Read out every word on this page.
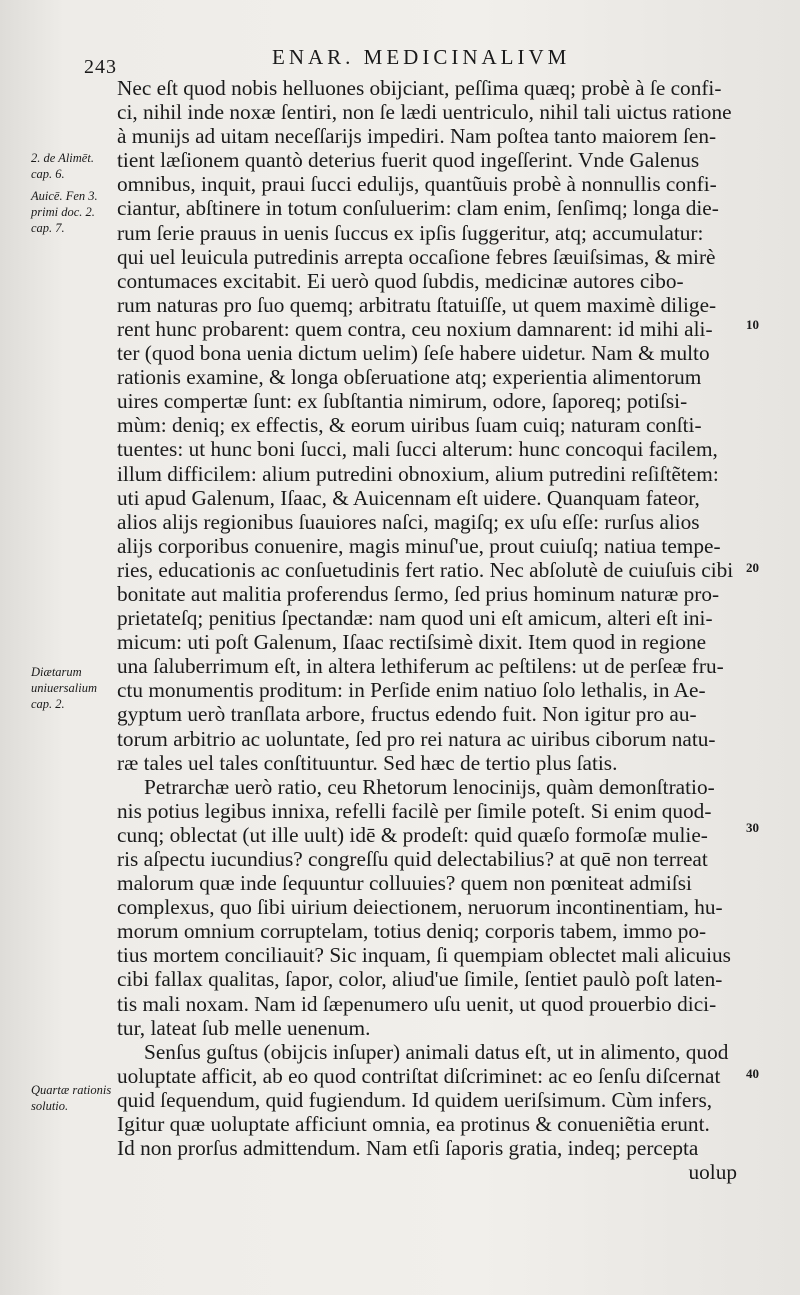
243	ENAR. MEDICINALIVM
2. de Alimēt. cap. 6.
Auicē. Fen 3. primi doc. 2. cap. 7.
Diætarum uniuersalium cap. 2.
Quartæ rationis solutio.
10
20
30
40
Nec eſt quod nobis helluones obijciant, peſſima quæq; probè à ſe confi-
ci, nihil inde noxæ ſentiri, non ſe lædi uentriculo, nihil tali uictus ratione
à munijs ad uitam neceſſarijs impediri. Nam poſtea tanto maiorem ſen-
tient læſionem quantò deterius fuerit quod ingeſſerint. Vnde Galenus
omnibus, inquit, praui ſucci edulijs, quantũuis probè à nonnullis confi-
ciantur, abſtinere in totum conſuluerim: clam enim, ſenſimq; longa die-
rum ſerie prauus in uenis ſuccus ex ipſis ſuggeritur, atq; accumulatur:
qui uel leuicula putredinis arrepta occaſione febres ſæuiſsimas, & mirè
contumaces excitabit. Ei uerò quod ſubdis, medicinæ autores cibo-
rum naturas pro ſuo quemq; arbitratu ſtatuiſſe, ut quem maximè dilige-
rent hunc probarent: quem contra, ceu noxium damnarent: id mihi ali-
ter (quod bona uenia dictum uelim) ſeſe habere uidetur. Nam & multo
rationis examine, & longa obſeruatione atq; experientia alimentorum
uires compertæ ſunt: ex ſubſtantia nimirum, odore, ſaporeq; potiſsi-
mùm: deniq; ex effectis, & eorum uiribus ſuam cuiq; naturam conſti-
tuentes: ut hunc boni ſucci, mali ſucci alterum: hunc concoqui facilem,
illum difficilem: alium putredini obnoxium, alium putredini reſiſtẽtem:
uti apud Galenum, Iſaac, & Auicennam eſt uidere. Quanquam fateor,
alios alijs regionibus ſuauiores naſci, magiſq; ex uſu eſſe: rurſus alios
alijs corporibus conuenire, magis minuſ'ue, prout cuiuſq; natiua tempe-
ries, educationis ac conſuetudinis fert ratio. Nec abſolutè de cuiuſuis cibi
bonitate aut malitia proferendus ſermo, ſed prius hominum naturæ pro-
prietateſq; penitius ſpectandæ: nam quod uni eſt amicum, alteri eſt ini-
micum: uti poſt Galenum, Iſaac rectiſsimè dixit. Item quod in regione
una ſaluberrimum eſt, in altera lethiferum ac peſtilens: ut de perſeæ fru-
ctu monumentis proditum: in Perſide enim natiuo ſolo lethalis, in Ae-
gyptum uerò tranſlata arbore, fructus edendo fuit. Non igitur pro au-
torum arbitrio ac uoluntate, ſed pro rei natura ac uiribus ciborum natu-
ræ tales uel tales conſtituuntur. Sed hæc de tertio plus ſatis.
Petrarchæ uerò ratio, ceu Rhetorum lenocinijs, quàm demonſtratio-
nis potius legibus innixa, refelli facilè per ſimile poteſt. Si enim quod-
cunq; oblectat (ut ille uult) idē & prodeſt: quid quæſo formoſæ mulie-
ris aſpectu iucundius? congreſſu quid delectabilius? at quē non terreat
malorum quæ inde ſequuntur colluuies? quem non pœniteat admiſsi
complexus, quo ſibi uirium deiectionem, neruorum incontinentiam, hu-
morum omnium corruptelam, totius deniq; corporis tabem, immo po-
tius mortem conciliauit? Sic inquam, ſi quempiam oblectet mali alicuius
cibi fallax qualitas, ſapor, color, aliud'ue ſimile, ſentiet paulò poſt laten-
tis mali noxam. Nam id ſæpenumero uſu uenit, ut quod prouerbio dici-
tur, lateat ſub melle uenenum.
Senſus guſtus (obijcis inſuper) animali datus eſt, ut in alimento, quod
uoluptate afficit, ab eo quod contriſtat diſcriminet: ac eo ſenſu diſcernat
quid ſequendum, quid fugiendum. Id quidem ueriſsimum. Cùm infers,
Igitur quæ uoluptate afficiunt omnia, ea protinus & conueniẽtia erunt.
Id non prorſus admittendum. Nam etſi ſaporis gratia, indeq; percepta
uolup
